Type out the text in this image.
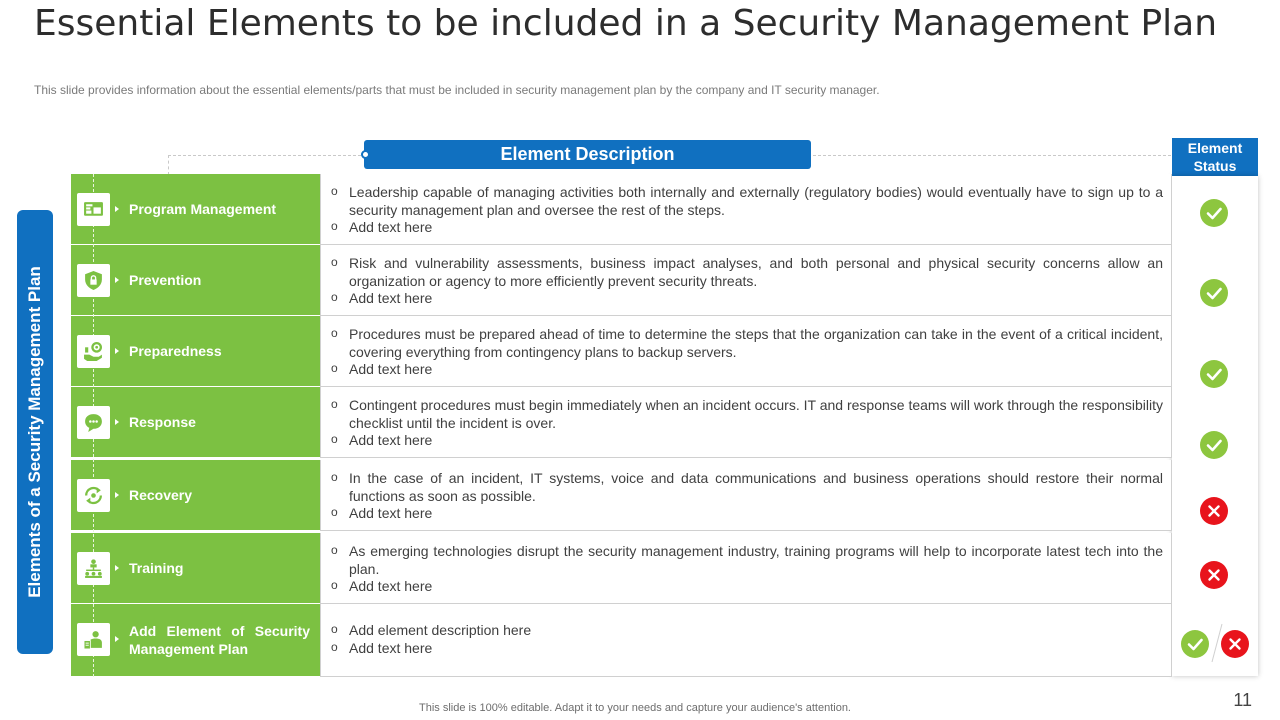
Essential Elements to be included in a Security Management Plan
This slide provides information about the essential elements/parts that must be included in security management plan by the company and IT security manager.
Elements of a Security Management Plan
Element Description	Element Status
Program Management
o Leadership capable of managing activities both internally and externally (regulatory bodies) would eventually have to sign up to a security management plan and oversee the rest of the steps.
o Add text here
Prevention
o Risk and vulnerability assessments, business impact analyses, and both personal and physical security concerns allow an organization or agency to more efficiently prevent security threats.
o Add text here
Preparedness
o Procedures must be prepared ahead of time to determine the steps that the organization can take in the event of a critical incident, covering everything from contingency plans to backup servers.
o Add text here
Response
o Contingent procedures must begin immediately when an incident occurs. IT and response teams will work through the responsibility checklist until the incident is over.
o Add text here
Recovery
o In the case of an incident, IT systems, voice and data communications and business operations should restore their normal functions as soon as possible.
o Add text here
Training
o As emerging technologies disrupt the security management industry, training programs will help to incorporate latest tech into the plan.
o Add text here
Add Element of Security Management Plan
o Add element description here
o Add text here
This slide is 100% editable. Adapt it to your needs and capture your audience's attention.	11
